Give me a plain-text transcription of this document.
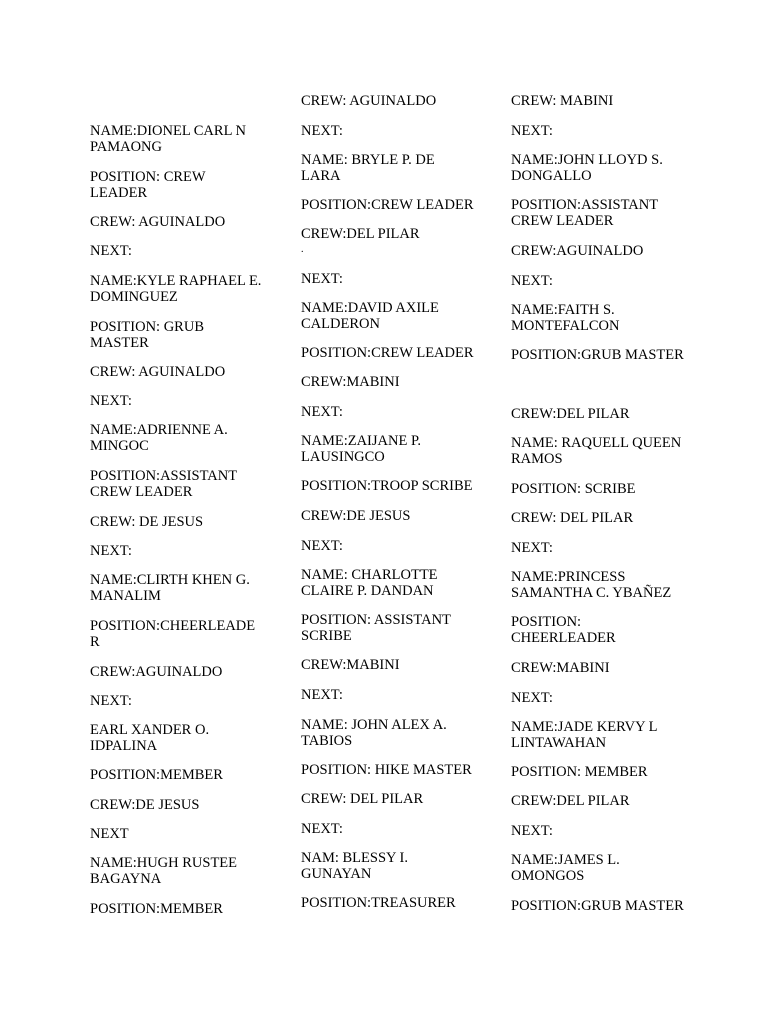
NAME:DIONEL CARL N
PAMAONG

POSITION: CREW
LEADER

CREW: AGUINALDO

NEXT:

NAME:KYLE RAPHAEL E.
DOMINGUEZ

POSITION: GRUB
MASTER

CREW: AGUINALDO

NEXT:

NAME:ADRIENNE A.
MINGOC

POSITION:ASSISTANT
CREW LEADER

CREW: DE JESUS

NEXT:

NAME:CLIRTH KHEN G.
MANALIM

POSITION:CHEERLEADE
R

CREW:AGUINALDO

NEXT:

EARL XANDER O.
IDPALINA

POSITION:MEMBER

CREW:DE JESUS

NEXT

NAME:HUGH RUSTEE
BAGAYNA

POSITION:MEMBER

CREW: AGUINALDO

NEXT:

NAME: BRYLE P. DE
LARA

POSITION:CREW LEADER

CREW:DEL PILAR

.

NEXT:

NAME:DAVID AXILE
CALDERON

POSITION:CREW LEADER

CREW:MABINI

NEXT:

NAME:ZAIJANE P.
LAUSINGCO

POSITION:TROOP SCRIBE

CREW:DE JESUS

NEXT:

NAME: CHARLOTTE
CLAIRE P. DANDAN

POSITION: ASSISTANT
SCRIBE

CREW:MABINI

NEXT:

NAME: JOHN ALEX A.
TABIOS

POSITION: HIKE MASTER

CREW: DEL PILAR

NEXT:

NAM: BLESSY I.
GUNAYAN

POSITION:TREASURER

CREW: MABINI

NEXT:

NAME:JOHN LLOYD S.
DONGALLO

POSITION:ASSISTANT
CREW LEADER

CREW:AGUINALDO

NEXT:

NAME:FAITH S.
MONTEFALCON

POSITION:GRUB MASTER

CREW:DEL PILAR

NAME: RAQUELL QUEEN
RAMOS

POSITION: SCRIBE

CREW: DEL PILAR

NEXT:

NAME:PRINCESS
SAMANTHA C. YBAÑEZ

POSITION:
CHEERLEADER

CREW:MABINI

NEXT:

NAME:JADE KERVY L
LINTAWAHAN

POSITION: MEMBER

CREW:DEL PILAR

NEXT:

NAME:JAMES L.
OMONGOS

POSITION:GRUB MASTER
